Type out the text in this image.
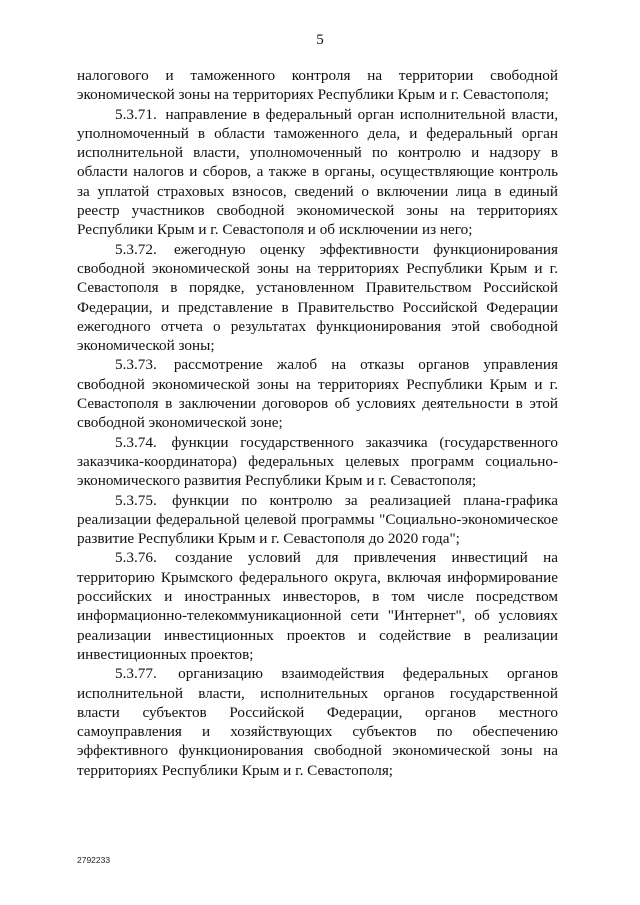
5

налогового и таможенного контроля на территории свободной экономической зоны на территориях Республики Крым и г. Севастополя;

5.3.71. направление в федеральный орган исполнительной власти, уполномоченный в области таможенного дела, и федеральный орган исполнительной власти, уполномоченный по контролю и надзору в области налогов и сборов, а также в органы, осуществляющие контроль за уплатой страховых взносов, сведений о включении лица в единый реестр участников свободной экономической зоны на территориях Республики Крым и г. Севастополя и об исключении из него;

5.3.72. ежегодную оценку эффективности функционирования свободной экономической зоны на территориях Республики Крым и г. Севастополя в порядке, установленном Правительством Российской Федерации, и представление в Правительство Российской Федерации ежегодного отчета о результатах функционирования этой свободной экономической зоны;

5.3.73. рассмотрение жалоб на отказы органов управления свободной экономической зоны на территориях Республики Крым и г. Севастополя в заключении договоров об условиях деятельности в этой свободной экономической зоне;

5.3.74. функции государственного заказчика (государственного заказчика-координатора) федеральных целевых программ социально-экономического развития Республики Крым и г. Севастополя;

5.3.75. функции по контролю за реализацией плана-графика реализации федеральной целевой программы "Социально-экономическое развитие Республики Крым и г. Севастополя до 2020 года";

5.3.76. создание условий для привлечения инвестиций на территорию Крымского федерального округа, включая информирование российских и иностранных инвесторов, в том числе посредством информационно-телекоммуникационной сети "Интернет", об условиях реализации инвестиционных проектов и содействие в реализации инвестиционных проектов;

5.3.77. организацию взаимодействия федеральных органов исполнительной власти, исполнительных органов государственной власти субъектов Российской Федерации, органов местного самоуправления и хозяйствующих субъектов по обеспечению эффективного функционирования свободной экономической зоны на территориях Республики Крым и г. Севастополя;

2792233
